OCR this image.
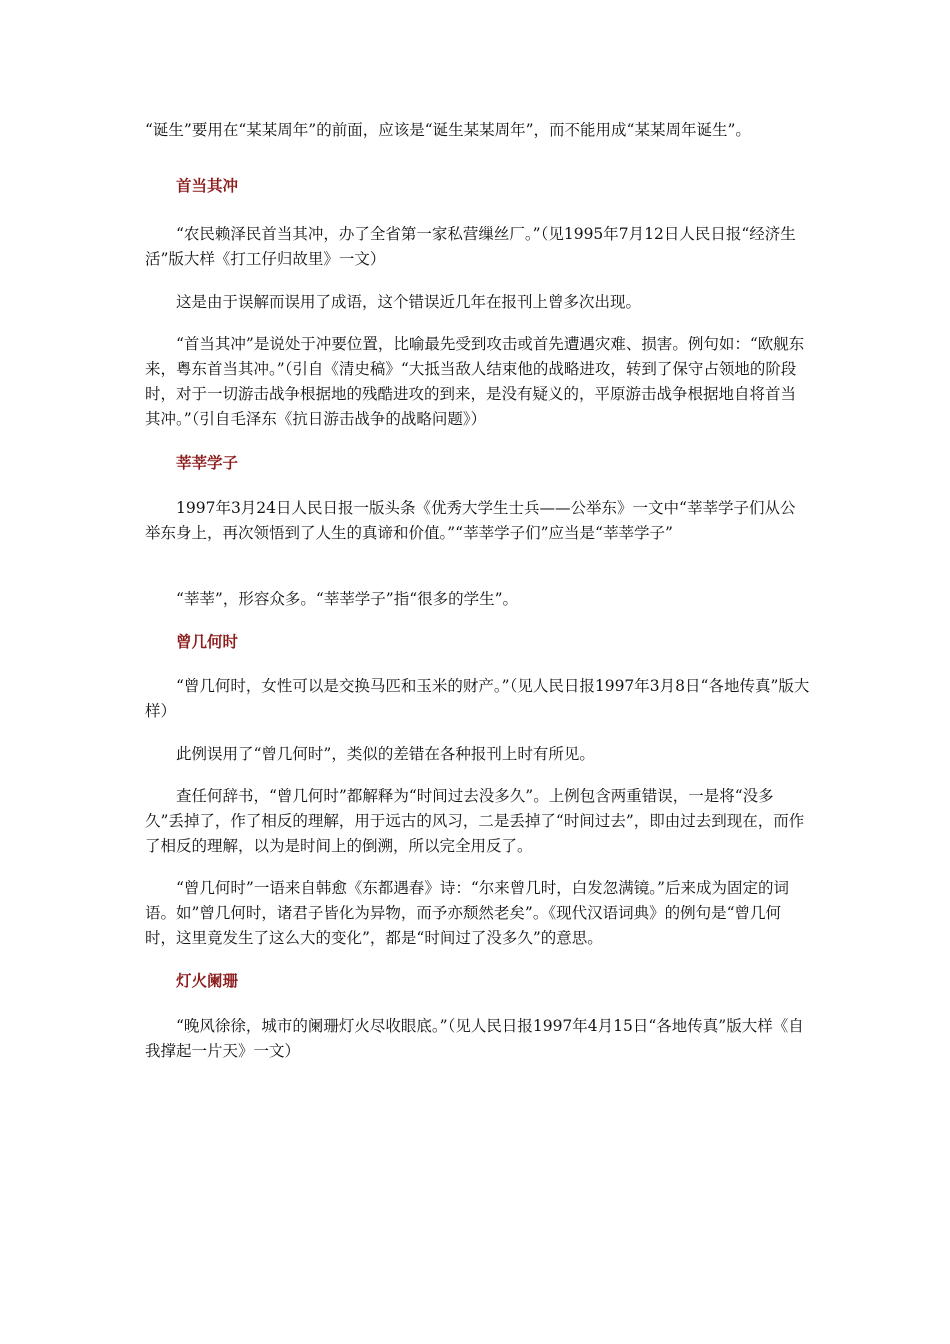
“诞生”要用在“某某周年”的前面，应该是“诞生某某周年”，而不能用成“某某周年诞生”。

首当其冲

“农民赖泽民首当其冲，办了全省第一家私营缫丝厂。”（见1995年7月12日人民日报“经济生活”版大样《打工仔归故里》一文）

这是由于误解而误用了成语，这个错误近几年在报刊上曾多次出现。

“首当其冲”是说处于冲要位置，比喻最先受到攻击或首先遭遇灾难、损害。例句如：“欧舰东来，粤东首当其冲。”（引自《清史稿》“大抵当敌人结束他的战略进攻，转到了保守占领地的阶段时，对于一切游击战争根据地的残酷进攻的到来，是没有疑义的，平原游击战争根据地自将首当其冲。”（引自毛泽东《抗日游击战争的战略问题》）

莘莘学子

1997年3月24日人民日报一版头条《优秀大学生士兵——公举东》一文中“莘莘学子们从公举东身上，再次领悟到了人生的真谛和价值。”“莘莘学子们”应当是“莘莘学子”

“莘莘”，形容众多。“莘莘学子”指“很多的学生”。

曾几何时

“曾几何时，女性可以是交换马匹和玉米的财产。”（见人民日报1997年3月8日“各地传真”版大样）

此例误用了“曾几何时”，类似的差错在各种报刊上时有所见。

查任何辞书，“曾几何时”都解释为“时间过去没多久”。上例包含两重错误，一是将“没多久”丢掉了，作了相反的理解，用于远古的风习，二是丢掉了“时间过去”，即由过去到现在，而作了相反的理解，以为是时间上的倒溯，所以完全用反了。

“曾几何时”一语来自韩愈《东都遇春》诗：“尔来曾几时，白发忽满镜。”后来成为固定的词语。如”曾几何时，诸君子皆化为异物，而予亦颓然老矣”。《现代汉语词典》的例句是“曾几何时，这里竟发生了这么大的变化”，都是“时间过了没多久”的意思。

灯火阑珊

“晚风徐徐，城市的阑珊灯火尽收眼底。”（见人民日报1997年4月15日“各地传真”版大样《自我撑起一片天》一文）
